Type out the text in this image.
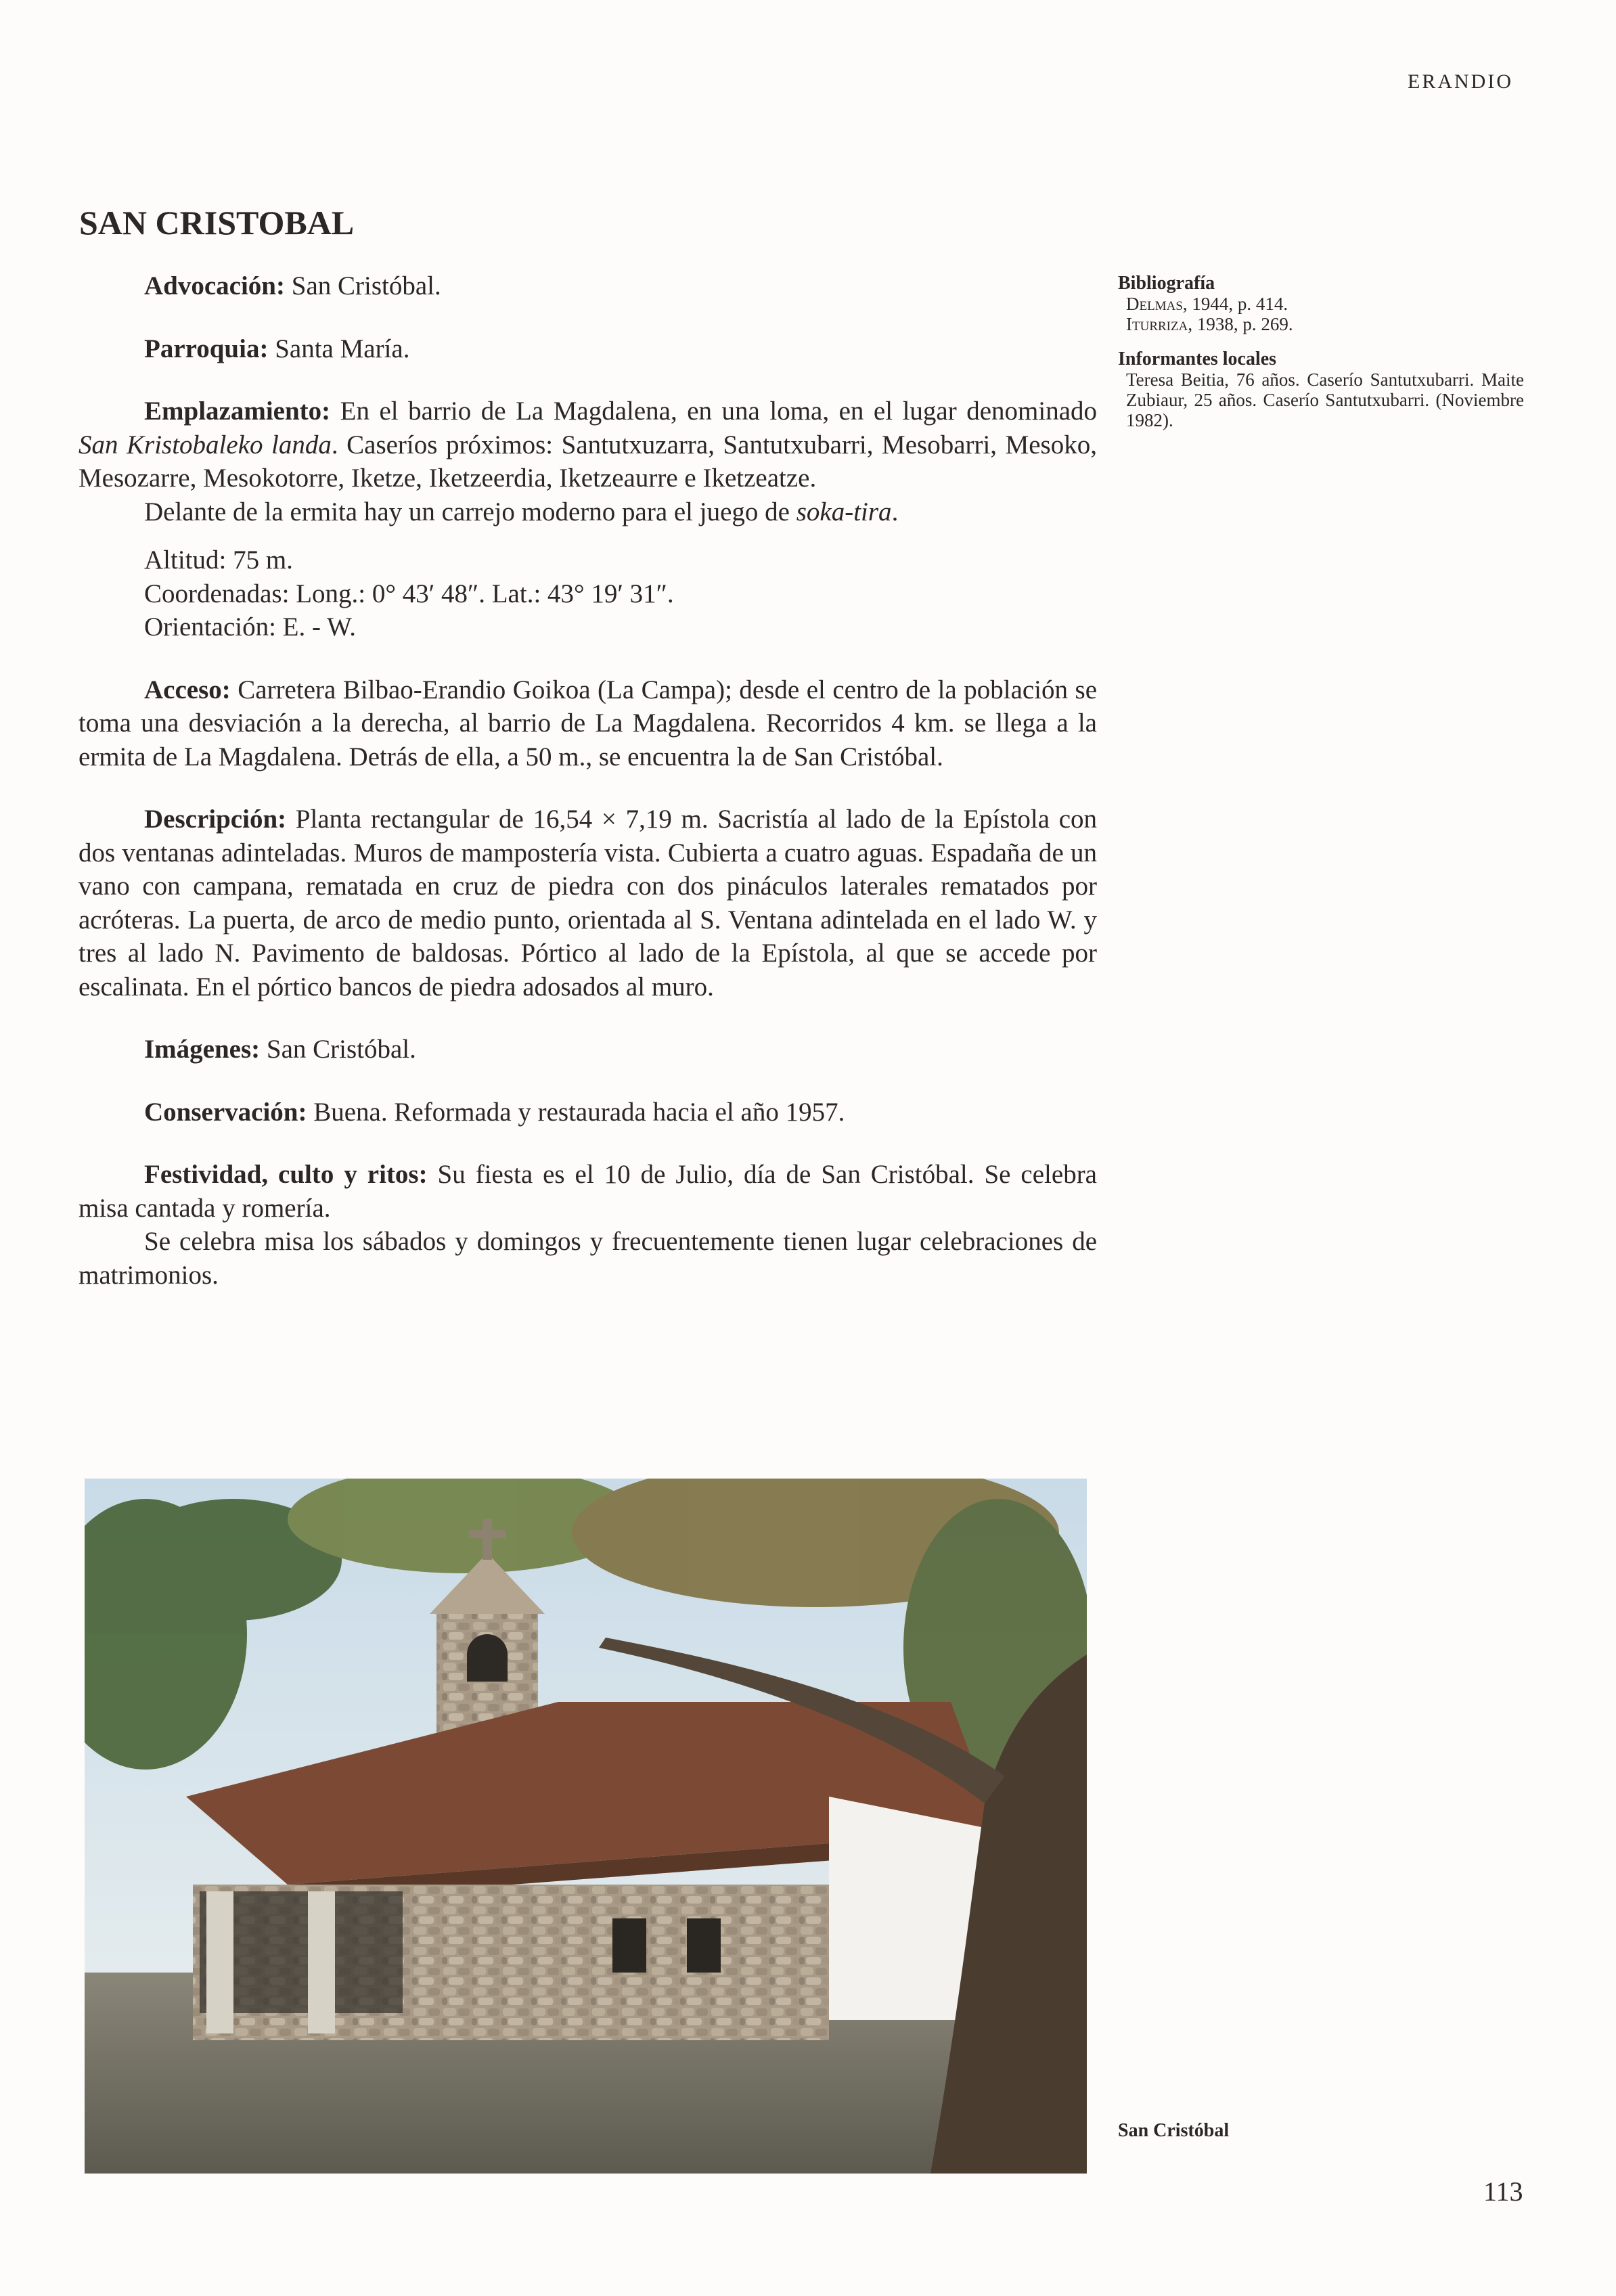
ERANDIO
SAN CRISTOBAL

Advocación: San Cristóbal.

Parroquia: Santa María.

Emplazamiento: En el barrio de La Magdalena, en una loma, en el lugar denominado San Kristobaleko landa. Caseríos próximos: Santutxuzarra, Santutxubarri, Mesobarri, Mesoko, Mesozarre, Mesokotorre, Iketze, Iketzeerdia, Iketzeaurre e Iketzeatze.

Delante de la ermita hay un carrejo moderno para el juego de soka-tira.

Altitud: 75 m.

Coordenadas: Long.: 0° 43′ 48″. Lat.: 43° 19′ 31″.

Orientación: E. - W.

Acceso: Carretera Bilbao-Erandio Goikoa (La Campa); desde el centro de la población se toma una desviación a la derecha, al barrio de La Magdalena. Recorridos 4 km. se llega a la ermita de La Magdalena. Detrás de ella, a 50 m., se encuentra la de San Cristóbal.

Descripción: Planta rectangular de 16,54 × 7,19 m. Sacristía al lado de la Epístola con dos ventanas adinteladas. Muros de mampostería vista. Cubierta a cuatro aguas. Espadaña de un vano con campana, rematada en cruz de piedra con dos pináculos laterales rematados por acróteras. La puerta, de arco de medio punto, orientada al S. Ventana adintelada en el lado W. y tres al lado N. Pavimento de baldosas. Pórtico al lado de la Epístola, al que se accede por escalinata. En el pórtico bancos de piedra adosados al muro.

Imágenes: San Cristóbal.

Conservación: Buena. Reformada y restaurada hacia el año 1957.

Festividad, culto y ritos: Su fiesta es el 10 de Julio, día de San Cristóbal. Se celebra misa cantada y romería.

Se celebra misa los sábados y domingos y frecuentemente tienen lugar celebraciones de matrimonios.

Bibliografía

Delmas, 1944, p. 414.

Iturriza, 1938, p. 269.

Informantes locales

Teresa Beitia, 76 años. Caserío Santutxubarri. Maite Zubiaur, 25 años. Caserío Santutxubarri. (Noviembre 1982).

San Cristóbal
113
